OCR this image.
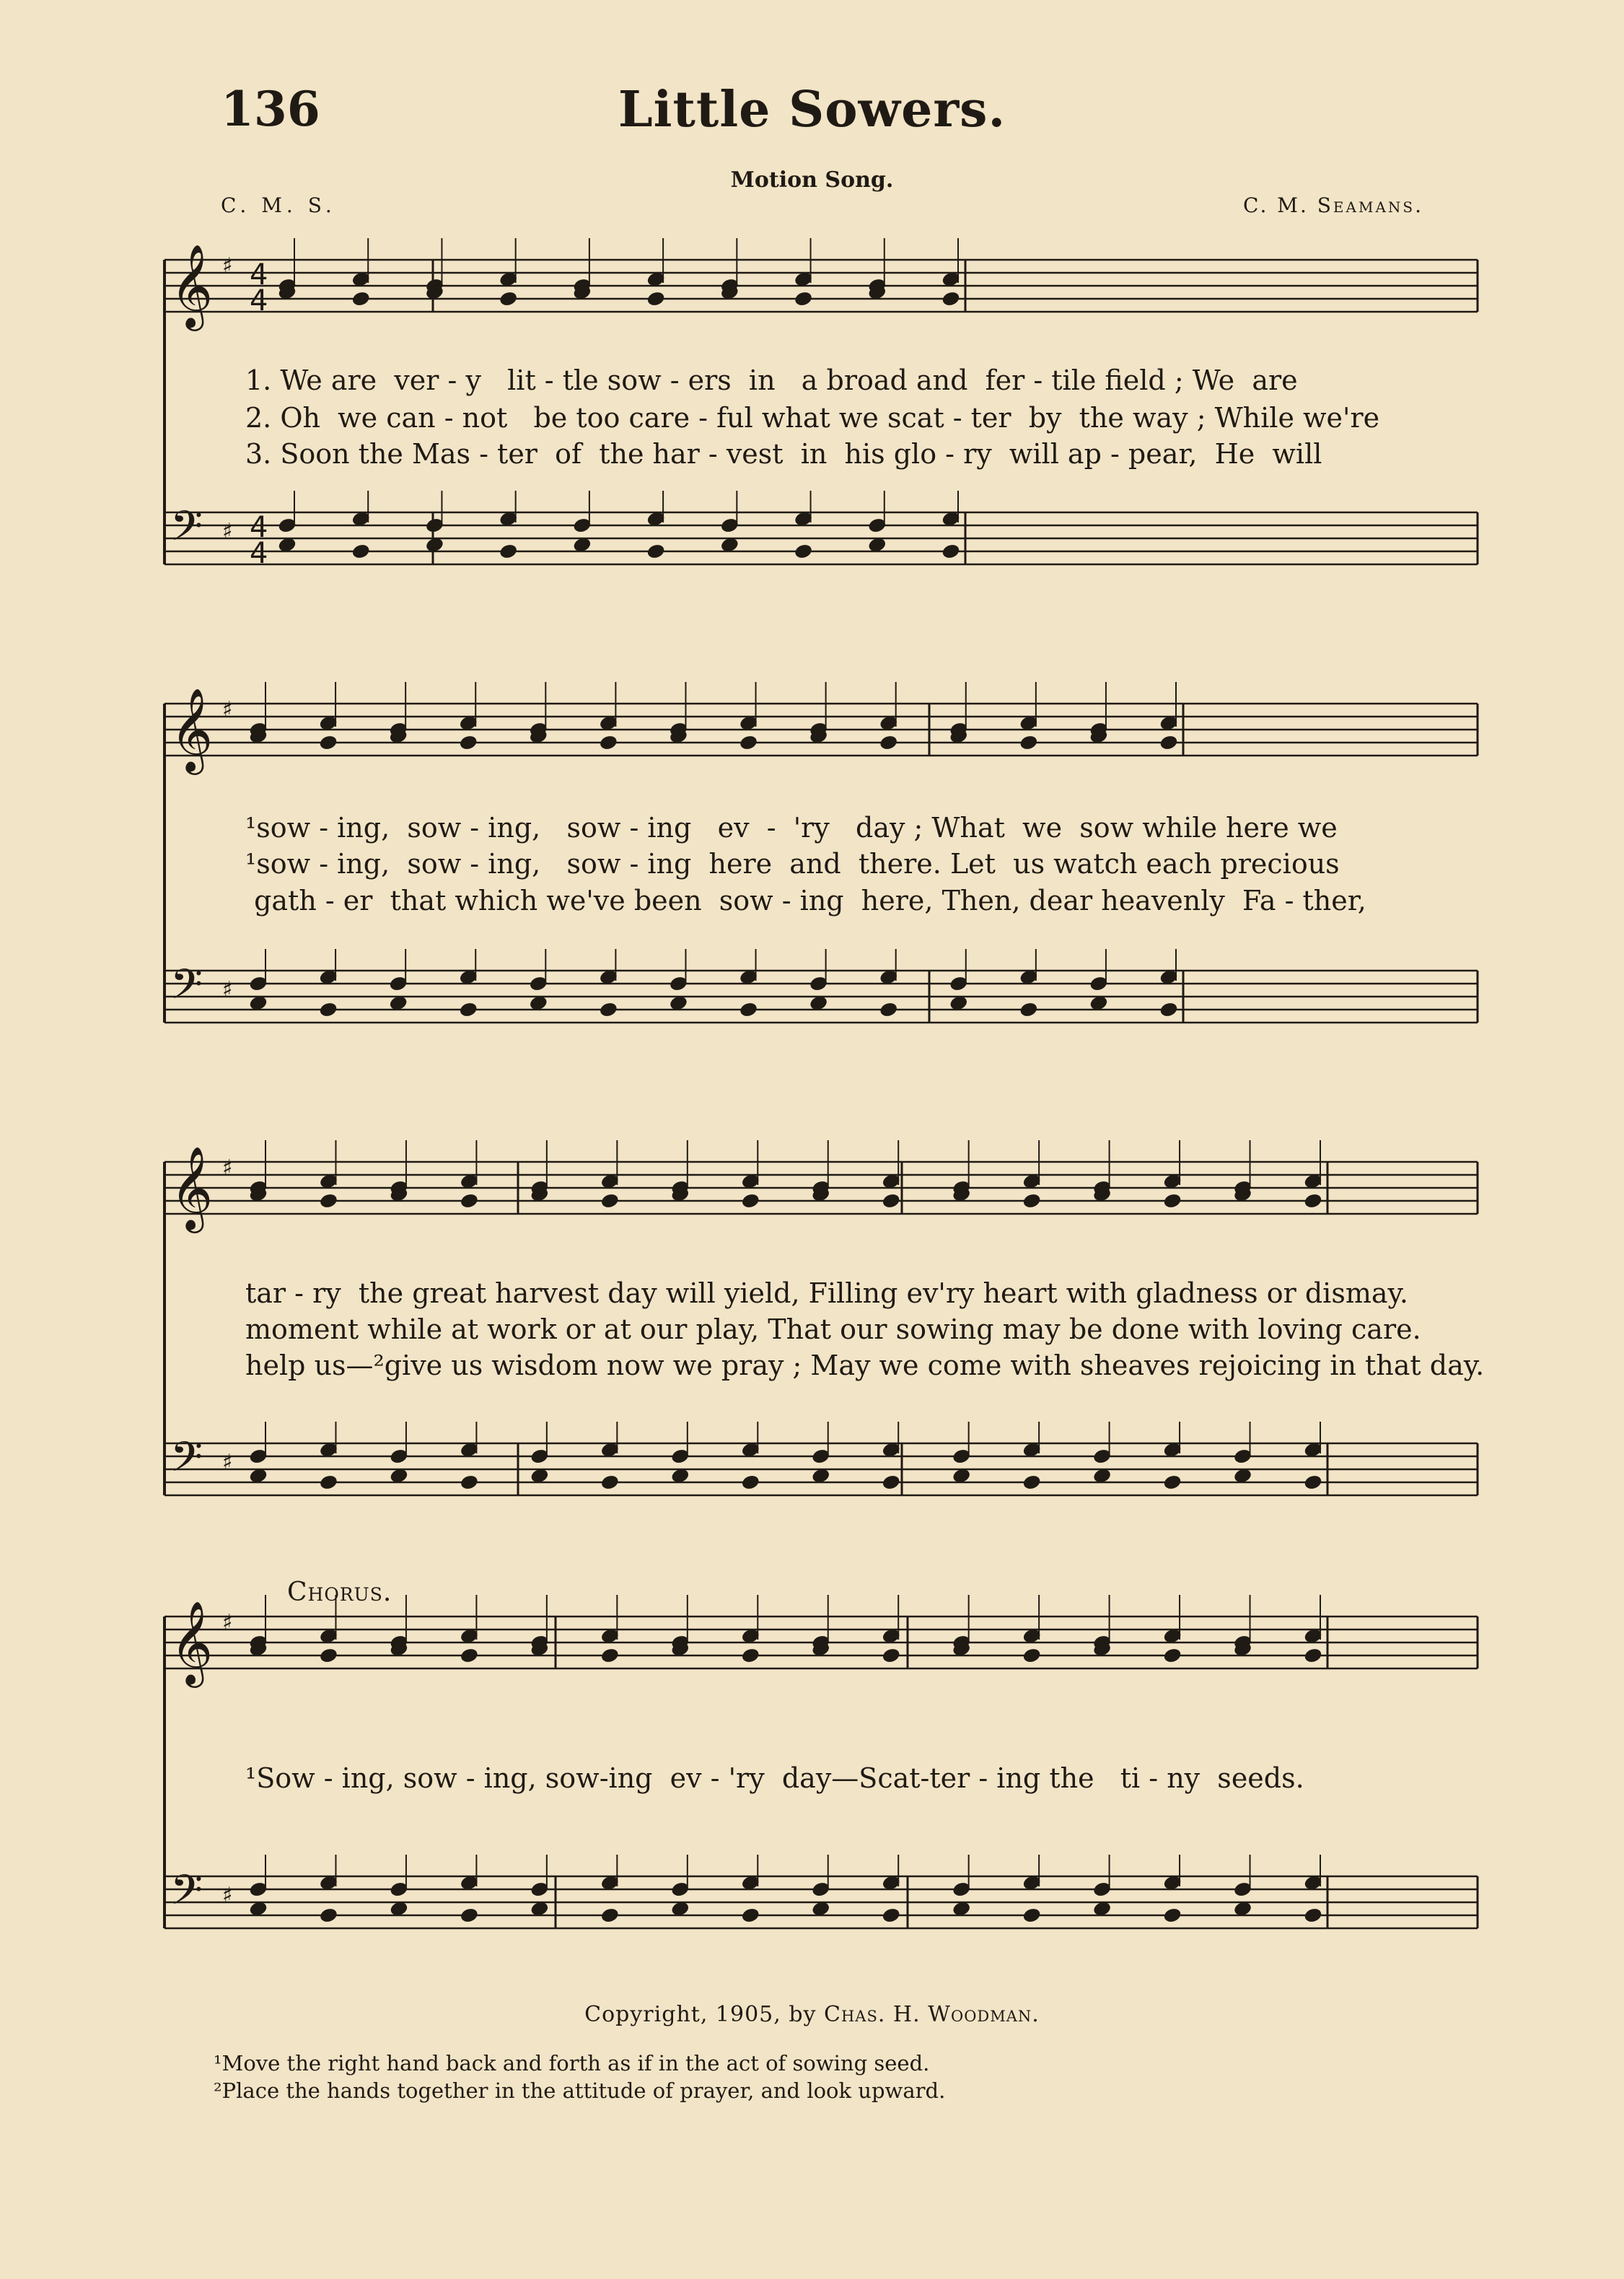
136	Little Sowers.
Motion Song.
C. M. S.	C. M. Seamans.
𝄞 ♯ 4
4
𝄢 ♯ 4
4
𝄞 ♯
𝄢 ♯
𝄞 ♯
𝄢 ♯
𝄞 ♯
𝄢 ♯
1. We are  ver - y   lit - tle sow - ers  in   a broad and  fer - tile field ; We  are
2. Oh  we can - not   be too care - ful what we scat - ter  by  the way ; While we're
3. Soon the Mas - ter  of  the har - vest  in  his glo - ry  will ap - pear,  He  will
¹sow - ing,  sow - ing,   sow - ing   ev  -  'ry   day ; What  we  sow while here we
¹sow - ing,  sow - ing,   sow - ing  here  and  there. Let  us watch each precious
gath - er  that which we've been  sow - ing  here, Then, dear heavenly  Fa - ther,
tar - ry  the great harvest day will yield, Filling ev'ry heart with gladness or dismay.
moment while at work or at our play, That our sowing may be done with loving care.
help us—²give us wisdom now we pray ; May we come with sheaves rejoicing in that day.
Chorus.
¹Sow - ing, sow - ing, sow-ing  ev - 'ry  day—Scat-ter - ing the   ti - ny  seeds.
Copyright, 1905, by Chas. H. Woodman.
¹Move the right hand back and forth as if in the act of sowing seed.
²Place the hands together in the attitude of prayer, and look upward.
